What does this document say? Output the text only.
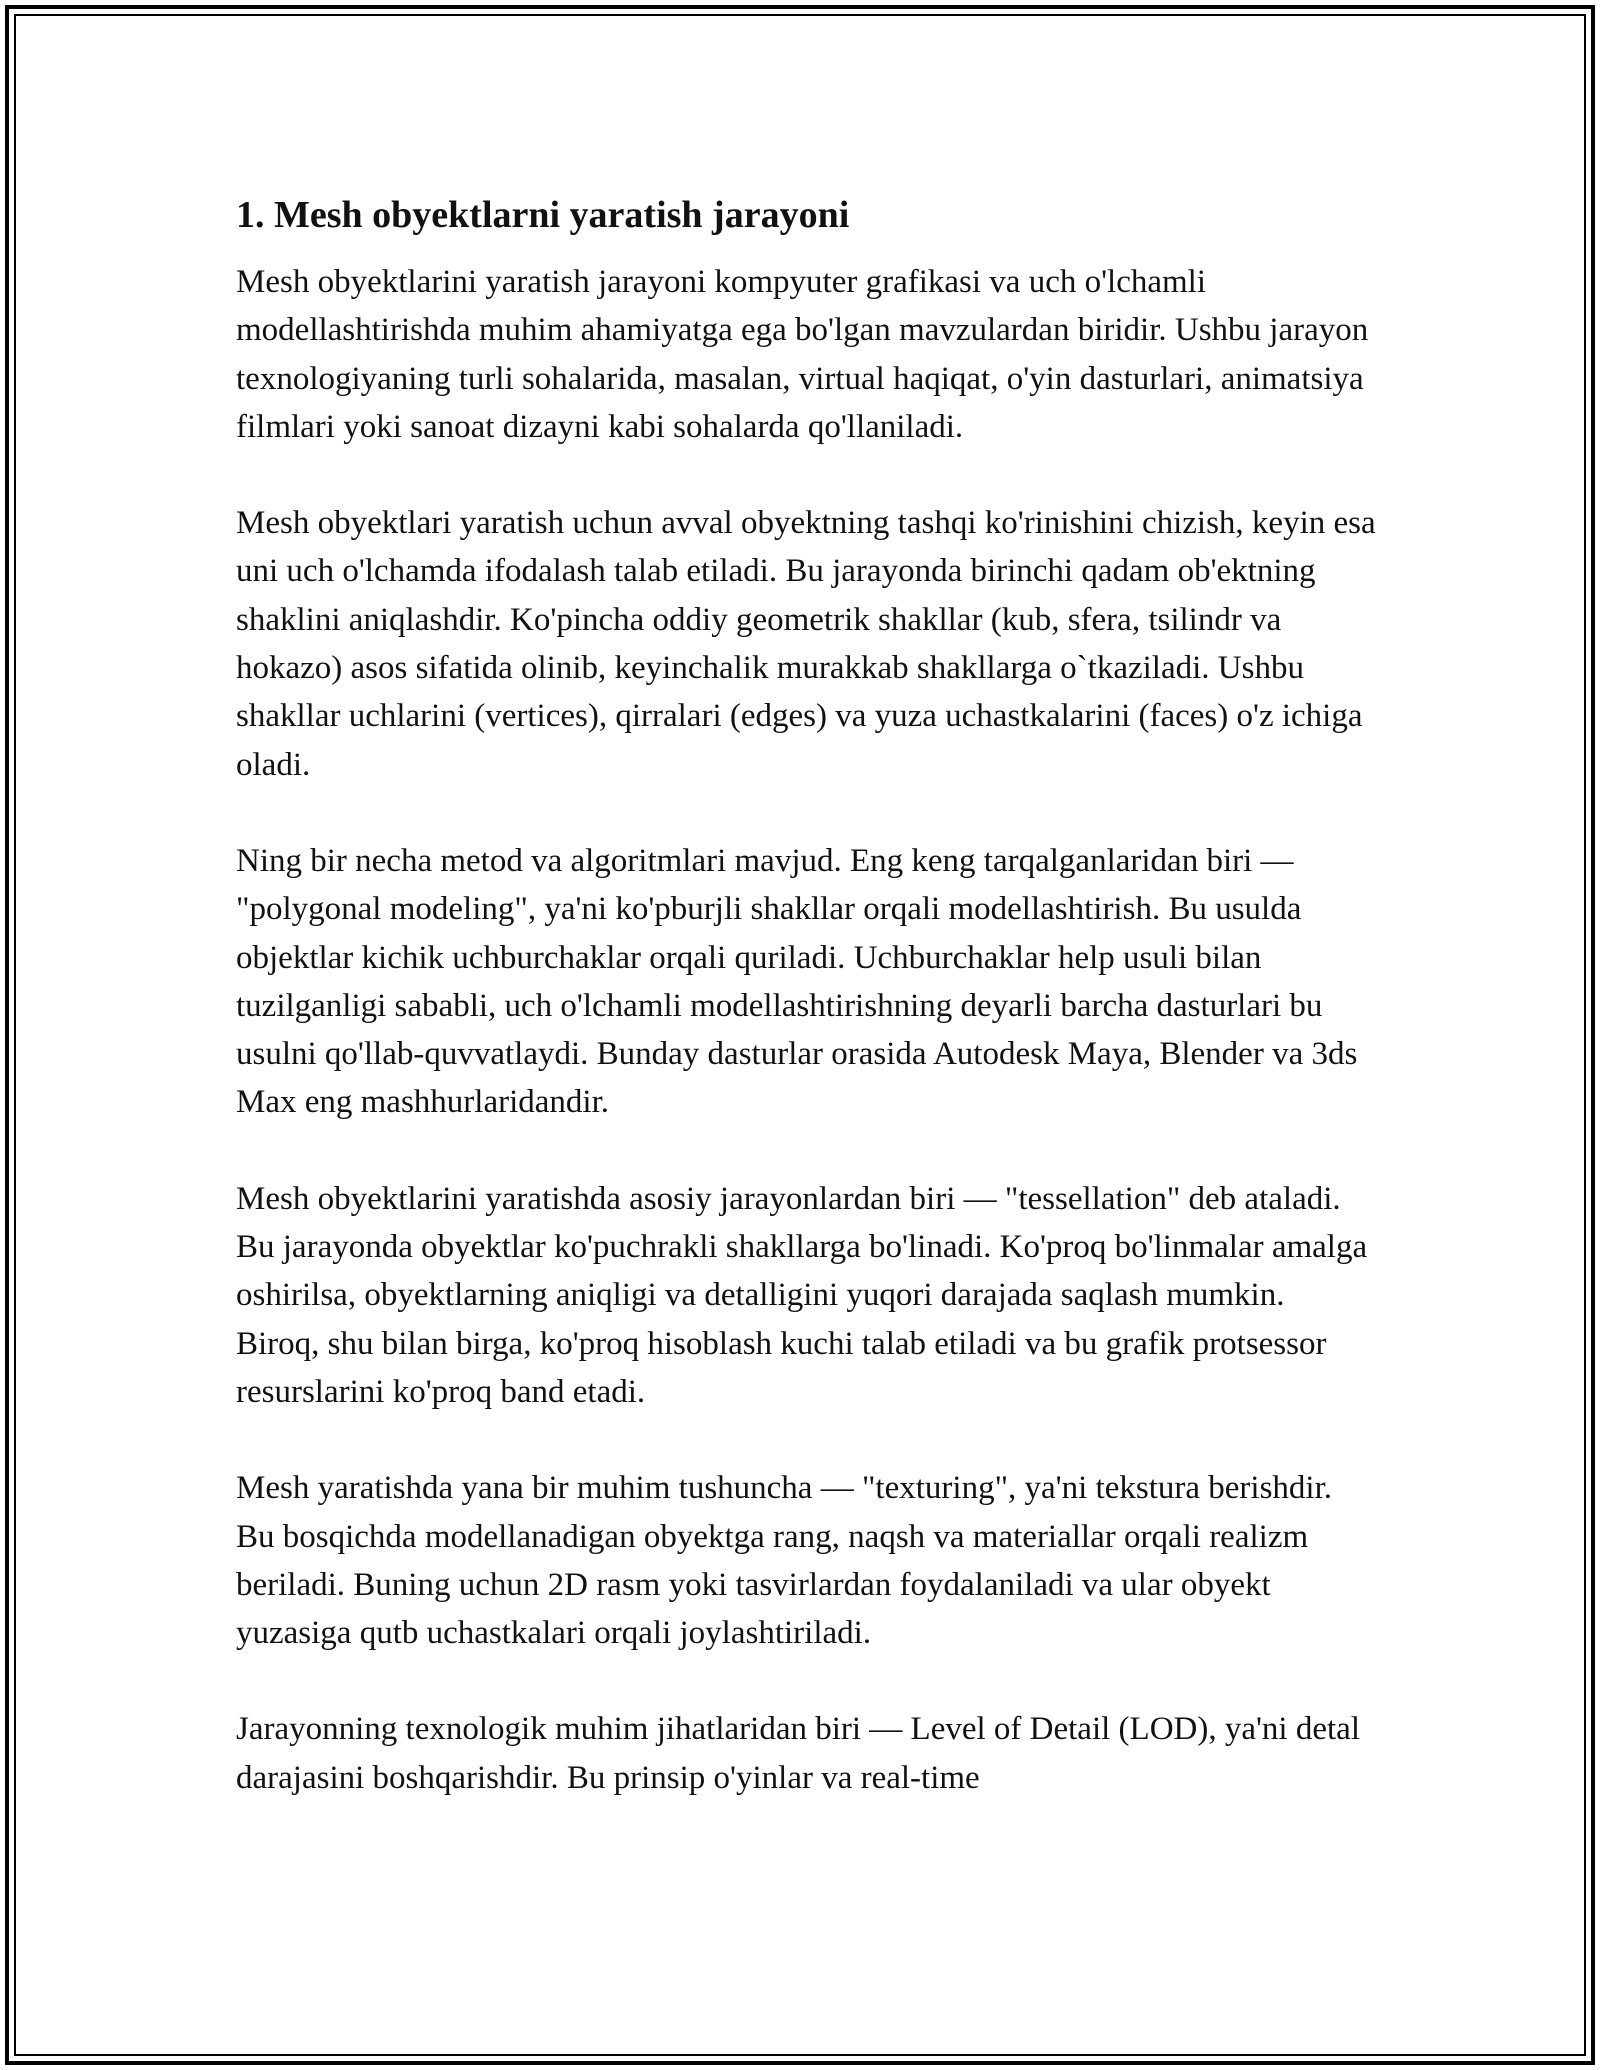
1. Mesh obyektlarni yaratish jarayoni

Mesh obyektlarini yaratish jarayoni kompyuter grafikasi va uch o'lchamli modellashtirishda muhim ahamiyatga ega bo'lgan mavzulardan biridir. Ushbu jarayon texnologiyaning turli sohalarida, masalan, virtual haqiqat, o'yin dasturlari, animatsiya filmlari yoki sanoat dizayni kabi sohalarda qo'llaniladi.

Mesh obyektlari yaratish uchun avval obyektning tashqi ko'rinishini chizish, keyin esa uni uch o'lchamda ifodalash talab etiladi. Bu jarayonda birinchi qadam ob'ektning shaklini aniqlashdir. Ko'pincha oddiy geometrik shakllar (kub, sfera, tsilindr va hokazo) asos sifatida olinib, keyinchalik murakkab shakllarga o`tkaziladi. Ushbu shakllar uchlarini (vertices), qirralari (edges) va yuza uchastkalarini (faces) o'z ichiga oladi.

Ning bir necha metod va algoritmlari mavjud. Eng keng tarqalganlaridan biri — "polygonal modeling", ya'ni ko'pburjli shakllar orqali modellashtirish. Bu usulda objektlar kichik uchburchaklar orqali quriladi. Uchburchaklar help usuli bilan tuzilganligi sababli, uch o'lchamli modellashtirishning deyarli barcha dasturlari bu usulni qo'llab-quvvatlaydi. Bunday dasturlar orasida Autodesk Maya, Blender va 3ds Max eng mashhurlaridandir.

Mesh obyektlarini yaratishda asosiy jarayonlardan biri — "tessellation" deb ataladi. Bu jarayonda obyektlar ko'puchrakli shakllarga bo'linadi. Ko'proq bo'linmalar amalga oshirilsa, obyektlarning aniqligi va detalligini yuqori darajada saqlash mumkin. Biroq, shu bilan birga, ko'proq hisoblash kuchi talab etiladi va bu grafik protsessor resurslarini ko'proq band etadi.

Mesh yaratishda yana bir muhim tushuncha — "texturing", ya'ni tekstura berishdir. Bu bosqichda modellanadigan obyektga rang, naqsh va materiallar orqali realizm beriladi. Buning uchun 2D rasm yoki tasvirlardan foydalaniladi va ular obyekt yuzasiga qutb uchastkalari orqali joylashtiriladi.

Jarayonning texnologik muhim jihatlaridan biri — Level of Detail (LOD), ya'ni detal darajasini boshqarishdir. Bu prinsip o'yinlar va real-time
